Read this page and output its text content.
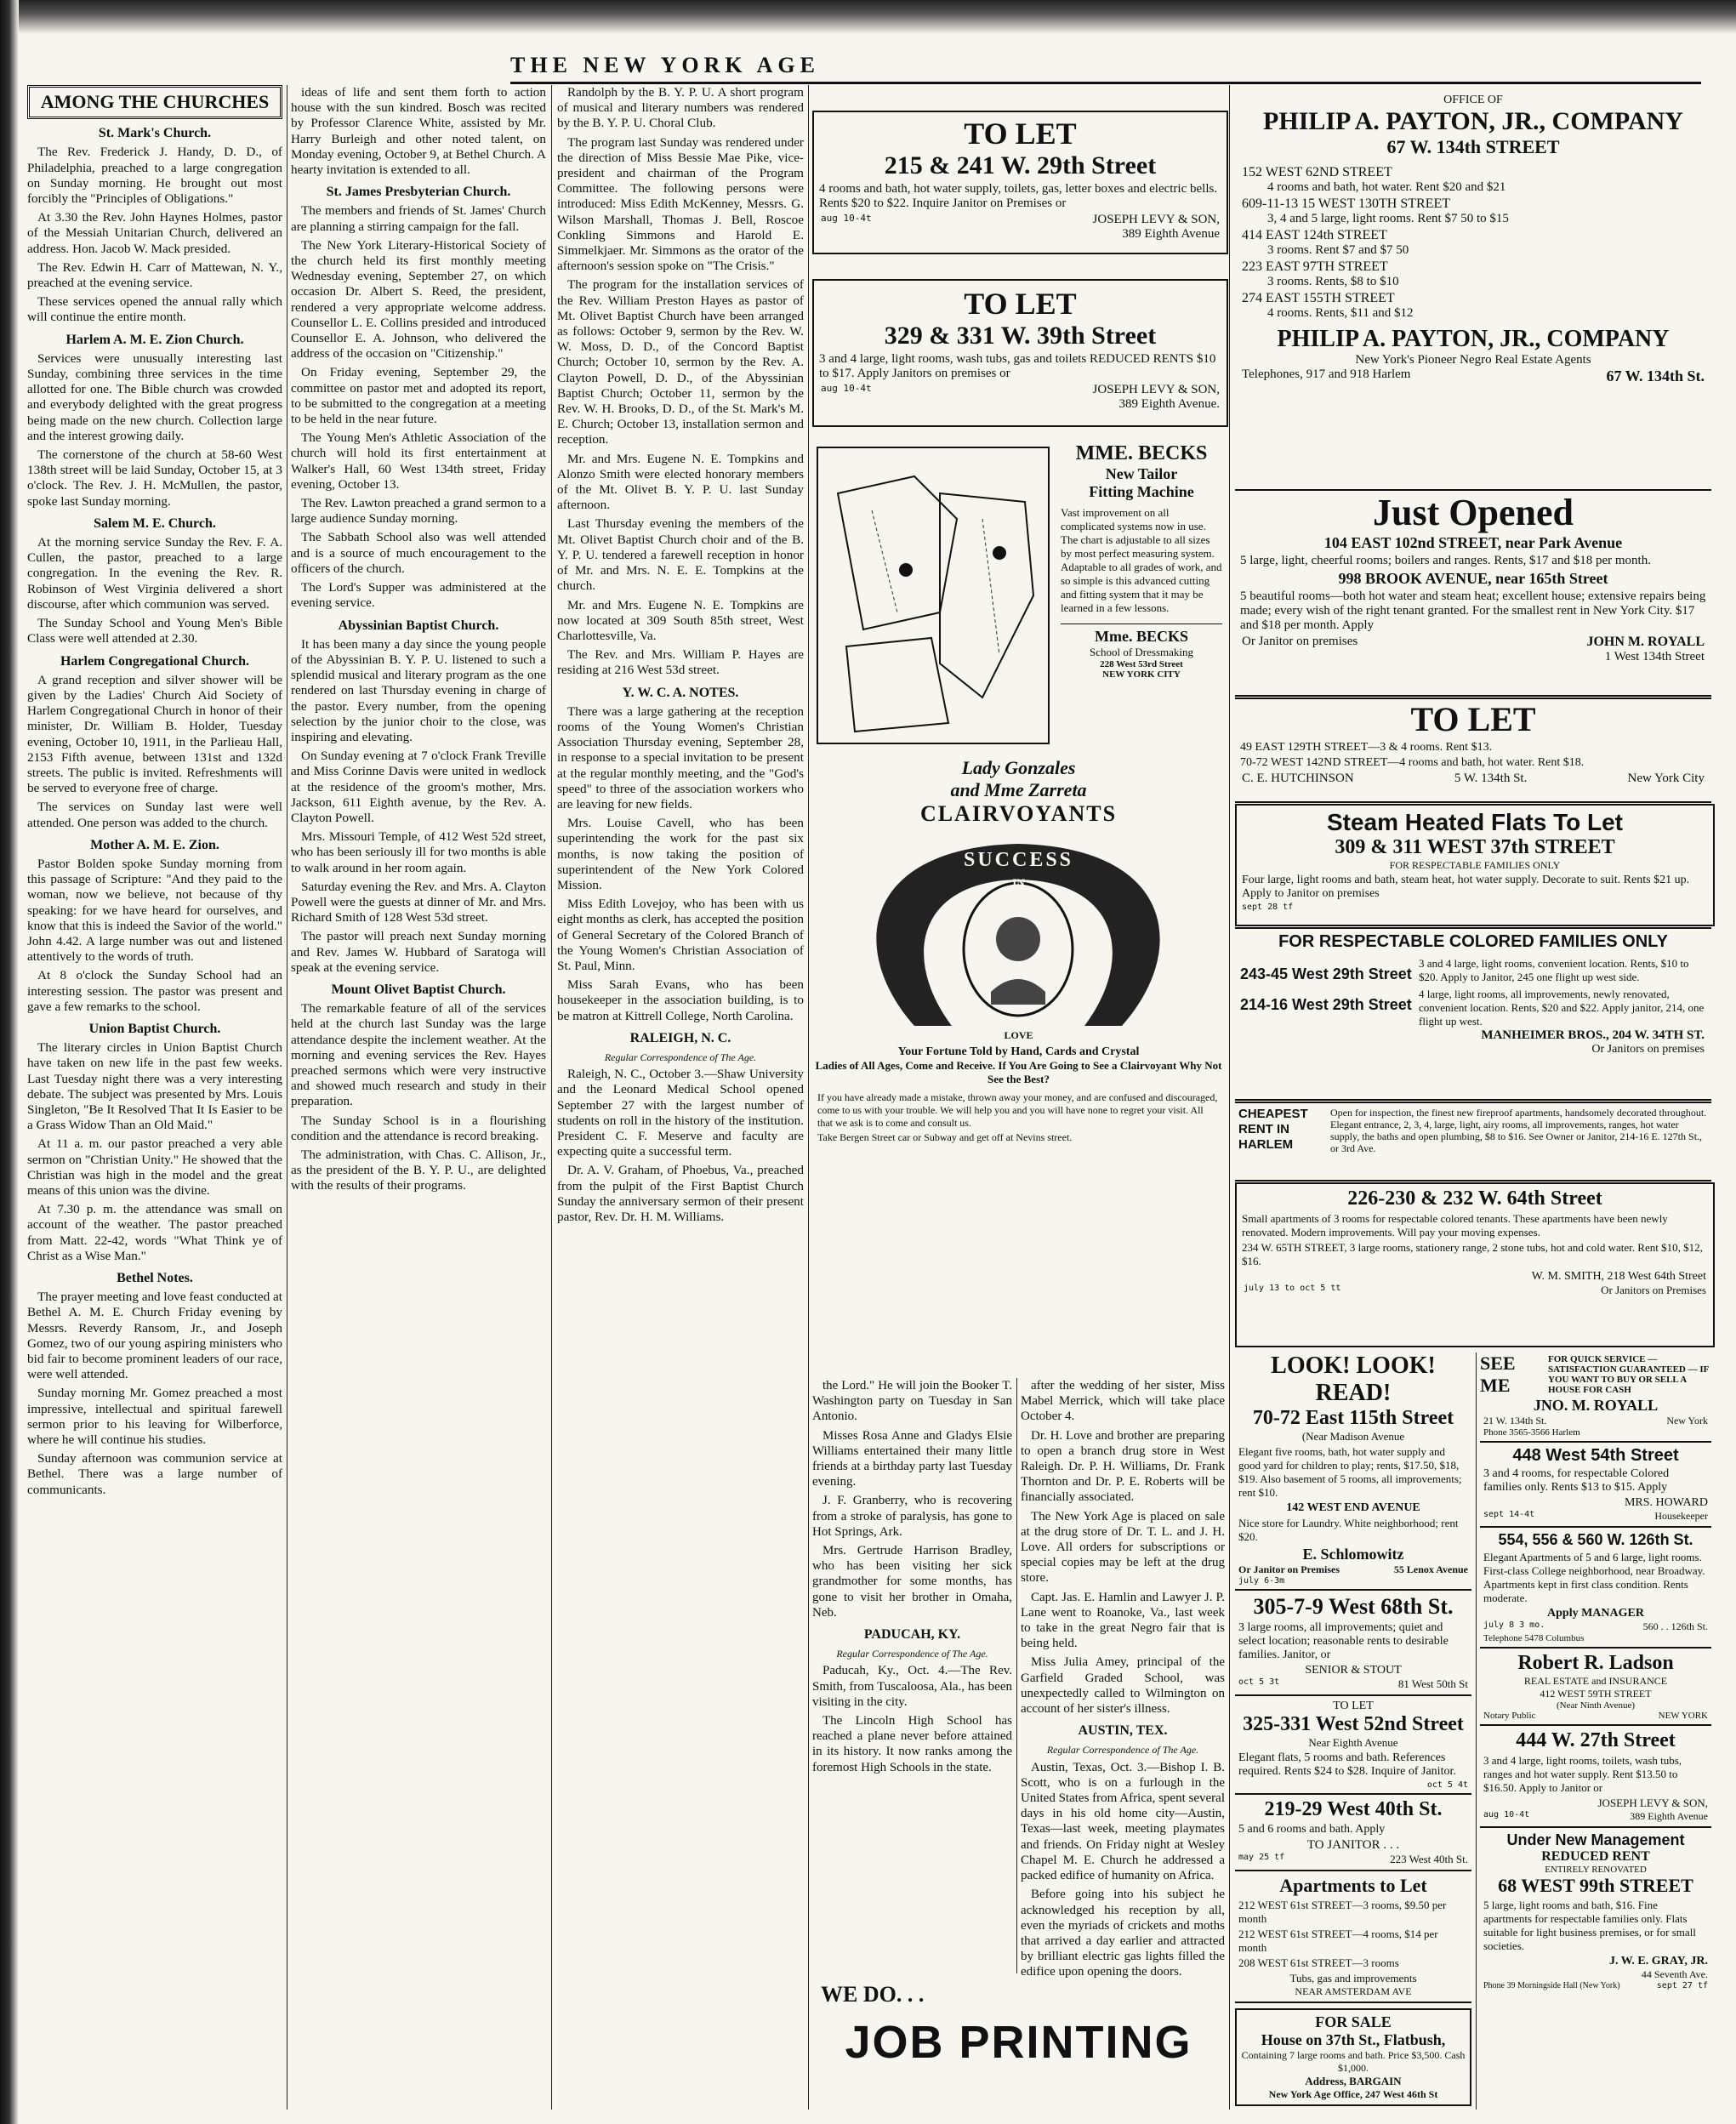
THE NEW YORK AGE
AMONG THE CHURCHES
St. Mark's Church.

The Rev. Frederick J. Handy, D. D., of Philadelphia, preached to a large congregation on Sunday morning. He brought out most forcibly the "Principles of Obligations."

At 3.30 the Rev. John Haynes Holmes, pastor of the Messiah Unitarian Church, delivered an address. Hon. Jacob W. Mack presided.

The Rev. Edwin H. Carr of Mattewan, N. Y., preached at the evening service.

These services opened the annual rally which will continue the entire month.

Harlem A. M. E. Zion Church.

Services were unusually interesting last Sunday, combining three services in the time allotted for one. The Bible church was crowded and everybody delighted with the great progress being made on the new church. Collection large and the interest growing daily.

The cornerstone of the church at 58-60 West 138th street will be laid Sunday, October 15, at 3 o'clock. The Rev. J. H. McMullen, the pastor, spoke last Sunday morning.

Salem M. E. Church.

At the morning service Sunday the Rev. F. A. Cullen, the pastor, preached to a large congregation. In the evening the Rev. R. Robinson of West Virginia delivered a short discourse, after which communion was served.

The Sunday School and Young Men's Bible Class were well attended at 2.30.

Harlem Congregational Church.

A grand reception and silver shower will be given by the Ladies' Church Aid Society of Harlem Congregational Church in honor of their minister, Dr. William B. Holder, Tuesday evening, October 10, 1911, in the Parlieau Hall, 2153 Fifth avenue, between 131st and 132d streets. The public is invited. Refreshments will be served to everyone free of charge.

The services on Sunday last were well attended. One person was added to the church.

Mother A. M. E. Zion.

Pastor Bolden spoke Sunday morning from this passage of Scripture: "And they paid to the woman, now we believe, not because of thy speaking: for we have heard for ourselves, and know that this is indeed the Savior of the world." John 4.42. A large number was out and listened attentively to the words of truth.

At 8 o'clock the Sunday School had an interesting session. The pastor was present and gave a few remarks to the school.

Union Baptist Church.

The literary circles in Union Baptist Church have taken on new life in the past few weeks. Last Tuesday night there was a very interesting debate. The subject was presented by Mrs. Louis Singleton, "Be It Resolved That It Is Easier to be a Grass Widow Than an Old Maid."

At 11 a. m. our pastor preached a very able sermon on "Christian Unity." He showed that the Christian was high in the model and the great means of this union was the divine.

At 7.30 p. m. the attendance was small on account of the weather. The pastor preached from Matt. 22-42, words "What Think ye of Christ as a Wise Man."

Bethel Notes.

The prayer meeting and love feast conducted at Bethel A. M. E. Church Friday evening by Messrs. Reverdy Ransom, Jr., and Joseph Gomez, two of our young aspiring ministers who bid fair to become prominent leaders of our race, were well attended.

Sunday morning Mr. Gomez preached a most impressive, intellectual and spiritual farewell sermon prior to his leaving for Wilberforce, where he will continue his studies.

Sunday afternoon was communion service at Bethel. There was a large number of communicants.

ideas of life and sent them forth to action house with the sun kindred. Bosch was recited by Professor Clarence White, assisted by Mr. Harry Burleigh and other noted talent, on Monday evening, October 9, at Bethel Church. A hearty invitation is extended to all.

St. James Presbyterian Church.

The members and friends of St. James' Church are planning a stirring campaign for the fall.

The New York Literary-Historical Society of the church held its first monthly meeting Wednesday evening, September 27, on which occasion Dr. Albert S. Reed, the president, rendered a very appropriate welcome address. Counsellor L. E. Collins presided and introduced Counsellor E. A. Johnson, who delivered the address of the occasion on "Citizenship."

On Friday evening, September 29, the committee on pastor met and adopted its report, to be submitted to the congregation at a meeting to be held in the near future.

The Young Men's Athletic Association of the church will hold its first entertainment at Walker's Hall, 60 West 134th street, Friday evening, October 13.

The Rev. Lawton preached a grand sermon to a large audience Sunday morning.

The Sabbath School also was well attended and is a source of much encouragement to the officers of the church.

The Lord's Supper was administered at the evening service.

Abyssinian Baptist Church.

It has been many a day since the young people of the Abyssinian B. Y. P. U. listened to such a splendid musical and literary program as the one rendered on last Thursday evening in charge of the pastor. Every number, from the opening selection by the junior choir to the close, was inspiring and elevating.

On Sunday evening at 7 o'clock Frank Treville and Miss Corinne Davis were united in wedlock at the residence of the groom's mother, Mrs. Jackson, 611 Eighth avenue, by the Rev. A. Clayton Powell.

Mrs. Missouri Temple, of 412 West 52d street, who has been seriously ill for two months is able to walk around in her room again.

Saturday evening the Rev. and Mrs. A. Clayton Powell were the guests at dinner of Mr. and Mrs. Richard Smith of 128 West 53d street.

The pastor will preach next Sunday morning and Rev. James W. Hubbard of Saratoga will speak at the evening service.

Mount Olivet Baptist Church.

The remarkable feature of all of the services held at the church last Sunday was the large attendance despite the inclement weather. At the morning and evening services the Rev. Hayes preached sermons which were very instructive and showed much research and study in their preparation.

The Sunday School is in a flourishing condition and the attendance is record breaking.

The administration, with Chas. C. Allison, Jr., as the president of the B. Y. P. U., are delighted with the results of their programs.

Randolph by the B. Y. P. U. A short program of musical and literary numbers was rendered by the B. Y. P. U. Choral Club.

The program last Sunday was rendered under the direction of Miss Bessie Mae Pike, vice-president and chairman of the Program Committee. The following persons were introduced: Miss Edith McKenney, Messrs. G. Wilson Marshall, Thomas J. Bell, Roscoe Conkling Simmons and Harold E. Simmelkjaer. Mr. Simmons as the orator of the afternoon's session spoke on "The Crisis."

The program for the installation services of the Rev. William Preston Hayes as pastor of Mt. Olivet Baptist Church have been arranged as follows: October 9, sermon by the Rev. W. W. Moss, D. D., of the Concord Baptist Church; October 10, sermon by the Rev. A. Clayton Powell, D. D., of the Abyssinian Baptist Church; October 11, sermon by the Rev. W. H. Brooks, D. D., of the St. Mark's M. E. Church; October 13, installation sermon and reception.

Mr. and Mrs. Eugene N. E. Tompkins and Alonzo Smith were elected honorary members of the Mt. Olivet B. Y. P. U. last Sunday afternoon.

Last Thursday evening the members of the Mt. Olivet Baptist Church choir and of the B. Y. P. U. tendered a farewell reception in honor of Mr. and Mrs. N. E. E. Tompkins at the church.

Mr. and Mrs. Eugene N. E. Tompkins are now located at 309 South 85th street, West Charlottesville, Va.

The Rev. and Mrs. William P. Hayes are residing at 216 West 53d street.

Y. W. C. A. NOTES.

There was a large gathering at the reception rooms of the Young Women's Christian Association Thursday evening, September 28, in response to a special invitation to be present at the regular monthly meeting, and the "God's speed" to three of the association workers who are leaving for new fields.

Mrs. Louise Cavell, who has been superintending the work for the past six months, is now taking the position of superintendent of the New York Colored Mission.

Miss Edith Lovejoy, who has been with us eight months as clerk, has accepted the position of General Secretary of the Colored Branch of the Young Women's Christian Association of St. Paul, Minn.

Miss Sarah Evans, who has been housekeeper in the association building, is to be matron at Kittrell College, North Carolina.

RALEIGH, N. C.
Regular Correspondence of The Age.

Raleigh, N. C., October 3.—Shaw University and the Leonard Medical School opened September 27 with the largest number of students on roll in the history of the institution. President C. F. Meserve and faculty are expecting quite a successful term.

Dr. A. V. Graham, of Phoebus, Va., preached from the pulpit of the First Baptist Church Sunday the anniversary sermon of their present pastor, Rev. Dr. H. M. Williams.

TO LET
215 & 241 W. 29th Street

4 rooms and bath, hot water supply, toilets, gas, letter boxes and electric bells. Rents $20 to $22. Inquire Janitor on Premises or

aug 10-4t	JOSEPH LEVY & SON,
389 Eighth Avenue
TO LET
329 & 331 W. 39th Street

3 and 4 large, light rooms, wash tubs, gas and toilets REDUCED RENTS $10 to $17. Apply Janitors on premises or

aug 10-4t	JOSEPH LEVY & SON,
389 Eighth Avenue.
MME. BECKS
New Tailor
Fitting Machine
Vast improvement on all complicated systems now in use. The chart is adjustable to all sizes by most perfect measuring system. Adaptable to all grades of work, and so simple is this advanced cutting and fitting system that it may be learned in a few lessons.
Mme. BECKS
School of Dressmaking
228 West 53rd Street
NEW YORK CITY
Lady Gonzales
and Mme Zarreta
CLAIRVOYANTS
SUCCESS
IN
LOVE
Your Fortune Told by Hand, Cards and Crystal
Ladies of All Ages, Come and Receive. If You Are Going to See a Clairvoyant Why Not See the Best?

If you have already made a mistake, thrown away your money, and are confused and discouraged, come to us with your trouble. We will help you and you will have none to regret your visit. All that we ask is to come and consult us.

Take Bergen Street car or Subway and get off at Nevins street.

the Lord." He will join the Booker T. Washington party on Tuesday in San Antonio.

Misses Rosa Anne and Gladys Elsie Williams entertained their many little friends at a birthday party last Tuesday evening.

J. F. Granberry, who is recovering from a stroke of paralysis, has gone to Hot Springs, Ark.

Mrs. Gertrude Harrison Bradley, who has been visiting her sick grandmother for some months, has gone to visit her brother in Omaha, Neb.

PADUCAH, KY.
Regular Correspondence of The Age.

Paducah, Ky., Oct. 4.—The Rev. Smith, from Tuscaloosa, Ala., has been visiting in the city.

The Lincoln High School has reached a plane never before attained in its history. It now ranks among the foremost High Schools in the state.

after the wedding of her sister, Miss Mabel Merrick, which will take place October 4.

Dr. H. Love and brother are preparing to open a branch drug store in West Raleigh. Dr. P. H. Williams, Dr. Frank Thornton and Dr. P. E. Roberts will be financially associated.

The New York Age is placed on sale at the drug store of Dr. T. L. and J. H. Love. All orders for subscriptions or special copies may be left at the drug store.

Capt. Jas. E. Hamlin and Lawyer J. P. Lane went to Roanoke, Va., last week to take in the great Negro fair that is being held.

Miss Julia Amey, principal of the Garfield Graded School, was unexpectedly called to Wilmington on account of her sister's illness.

AUSTIN, TEX.
Regular Correspondence of The Age.

Austin, Texas, Oct. 3.—Bishop I. B. Scott, who is on a furlough in the United States from Africa, spent several days in his old home city—Austin, Texas—last week, meeting playmates and friends. On Friday night at Wesley Chapel M. E. Church he addressed a packed edifice of humanity on Africa.

Before going into his subject he acknowledged his reception by all, even the myriads of crickets and moths that arrived a day earlier and attracted by brilliant electric gas lights filled the edifice upon opening the doors.

WE DO. . .
JOB PRINTING
OFFICE OF
PHILIP A. PAYTON, JR., COMPANY
67 W. 134th STREET
152 WEST 62ND STREET
4 rooms and bath, hot water. Rent $20 and $21
609-11-13 15 WEST 130TH STREET
3, 4 and 5 large, light rooms. Rent $7 50 to $15
414 EAST 124th STREET
3 rooms. Rent $7 and $7 50
223 EAST 97TH STREET
3 rooms. Rents, $8 to $10
274 EAST 155TH STREET
4 rooms. Rents, $11 and $12
PHILIP A. PAYTON, JR., COMPANY
New York's Pioneer Negro Real Estate Agents
Telephones, 917 and 918 Harlem	67 W. 134th St.
Just Opened
104 EAST 102nd STREET, near Park Avenue

5 large, light, cheerful rooms; boilers and ranges. Rents, $17 and $18 per month.

998 BROOK AVENUE, near 165th Street

5 beautiful rooms—both hot water and steam heat; excellent house; extensive repairs being made; every wish of the right tenant granted. For the smallest rent in New York City. $17 and $18 per month. Apply

Or Janitor on premises	JOHN M. ROYALL
1 West 134th Street
TO LET

49 EAST 129TH STREET—3 & 4 rooms. Rent $13.

70-72 WEST 142ND STREET—4 rooms and bath, hot water. Rent $18.

C. E. HUTCHINSON	5 W. 134th St.	New York City
Steam Heated Flats To Let
309 & 311 WEST 37th STREET
FOR RESPECTABLE FAMILIES ONLY

Four large, light rooms and bath, steam heat, hot water supply. Decorate to suit. Rents $21 up. Apply to Janitor on premises

sept 28 tf

FOR RESPECTABLE COLORED FAMILIES ONLY
243-45 West 29th Street
3 and 4 large, light rooms, convenient location. Rents, $10 to $20. Apply to Janitor, 245 one flight up west side.
214-16 West 29th Street
4 large, light rooms, all improvements, newly renovated, convenient location. Rents, $20 and $22. Apply janitor, 214, one flight up west.
MANHEIMER BROS., 204 W. 34TH ST.
Or Janitors on premises
CHEAPEST RENT IN HARLEM
Open for inspection, the finest new fireproof apartments, handsomely decorated throughout. Elegant entrance, 2, 3, 4, large, light, airy rooms, all improvements, ranges, hot water supply, the baths and open plumbing, $8 to $16. See Owner or Janitor, 214-16 E. 127th St., or 3rd Ave.
226-230 & 232 W. 64th Street

Small apartments of 3 rooms for respectable colored tenants. These apartments have been newly renovated. Modern improvements. Will pay your moving expenses.

234 W. 65TH STREET, 3 large rooms, stationery range, 2 stone tubs, hot and cold water. Rent $10, $12, $16.

W. M. SMITH, 218 West 64th Street
july 13 to oct 5 tt	Or Janitors on Premises
LOOK! LOOK! READ!
70-72 East 115th Street
(Near Madison Avenue

Elegant five rooms, bath, hot water supply and good yard for children to play; rents, $17.50, $18, $19. Also basement of 5 rooms, all improvements; rent $10.

142 WEST END AVENUE

Nice store for Laundry. White neighborhood; rent $20.

E. Schlomowitz
Or Janitor on Premises	55 Lenox Avenue
july 6-3m
305-7-9 West 68th St.

3 large rooms, all improvements; quiet and select location; reasonable rents to desirable families. Janitor, or

SENIOR & STOUT
oct 5 3t	81 West 50th St
TO LET
325-331 West 52nd Street
Near Eighth Avenue

Elegant flats, 5 rooms and bath. References required. Rents $24 to $28. Inquire of Janitor.

oct 5 4t
219-29 West 40th St.

5 and 6 rooms and bath. Apply

TO JANITOR . . .
may 25 tf	223 West 40th St.
Apartments to Let

212 WEST 61st STREET—3 rooms, $9.50 per month

212 WEST 61st STREET—4 rooms, $14 per month

208 WEST 61st STREET—3 rooms

Tubs, gas and improvements
NEAR AMSTERDAM AVE
FOR SALE
House on 37th St., Flatbush,
Containing 7 large rooms and bath. Price $3,500. Cash $1,000.
Address, BARGAIN
New York Age Office, 247 West 46th St
SEE ME
FOR QUICK SERVICE — SATISFACTION GUARANTEED — IF YOU WANT TO BUY OR SELL A HOUSE FOR CASH
JNO. M. ROYALL
21 W. 134th St.	New York
Phone 3565-3566 Harlem
448 West 54th Street

3 and 4 rooms, for respectable Colored families only. Rents $13 to $15. Apply

MRS. HOWARD
sept 14-4t	Housekeeper
554, 556 & 560 W. 126th St.

Elegant Apartments of 5 and 6 large, light rooms. First-class College neighborhood, near Broadway. Apartments kept in first class condition. Rents moderate.

Apply MANAGER
july 8 3 mo.	560 . . 126th St.
Telephone 5478 Columbus
Robert R. Ladson
REAL ESTATE and INSURANCE
412 WEST 59TH STREET
(Near Ninth Avenue)
Notary Public	NEW YORK
444 W. 27th Street

3 and 4 large, light rooms, toilets, wash tubs, ranges and hot water supply. Rent $13.50 to $16.50. Apply to Janitor or

JOSEPH LEVY & SON,
aug 10-4t	389 Eighth Avenue
Under New Management
REDUCED RENT
ENTIRELY RENOVATED
68 WEST 99th STREET

5 large, light rooms and bath, $16. Fine apartments for respectable families only. Flats suitable for light business premises, or for small societies.

J. W. E. GRAY, JR.
44 Seventh Ave.
Phone 39 Morningside Hall (New York)	sept 27 tf
